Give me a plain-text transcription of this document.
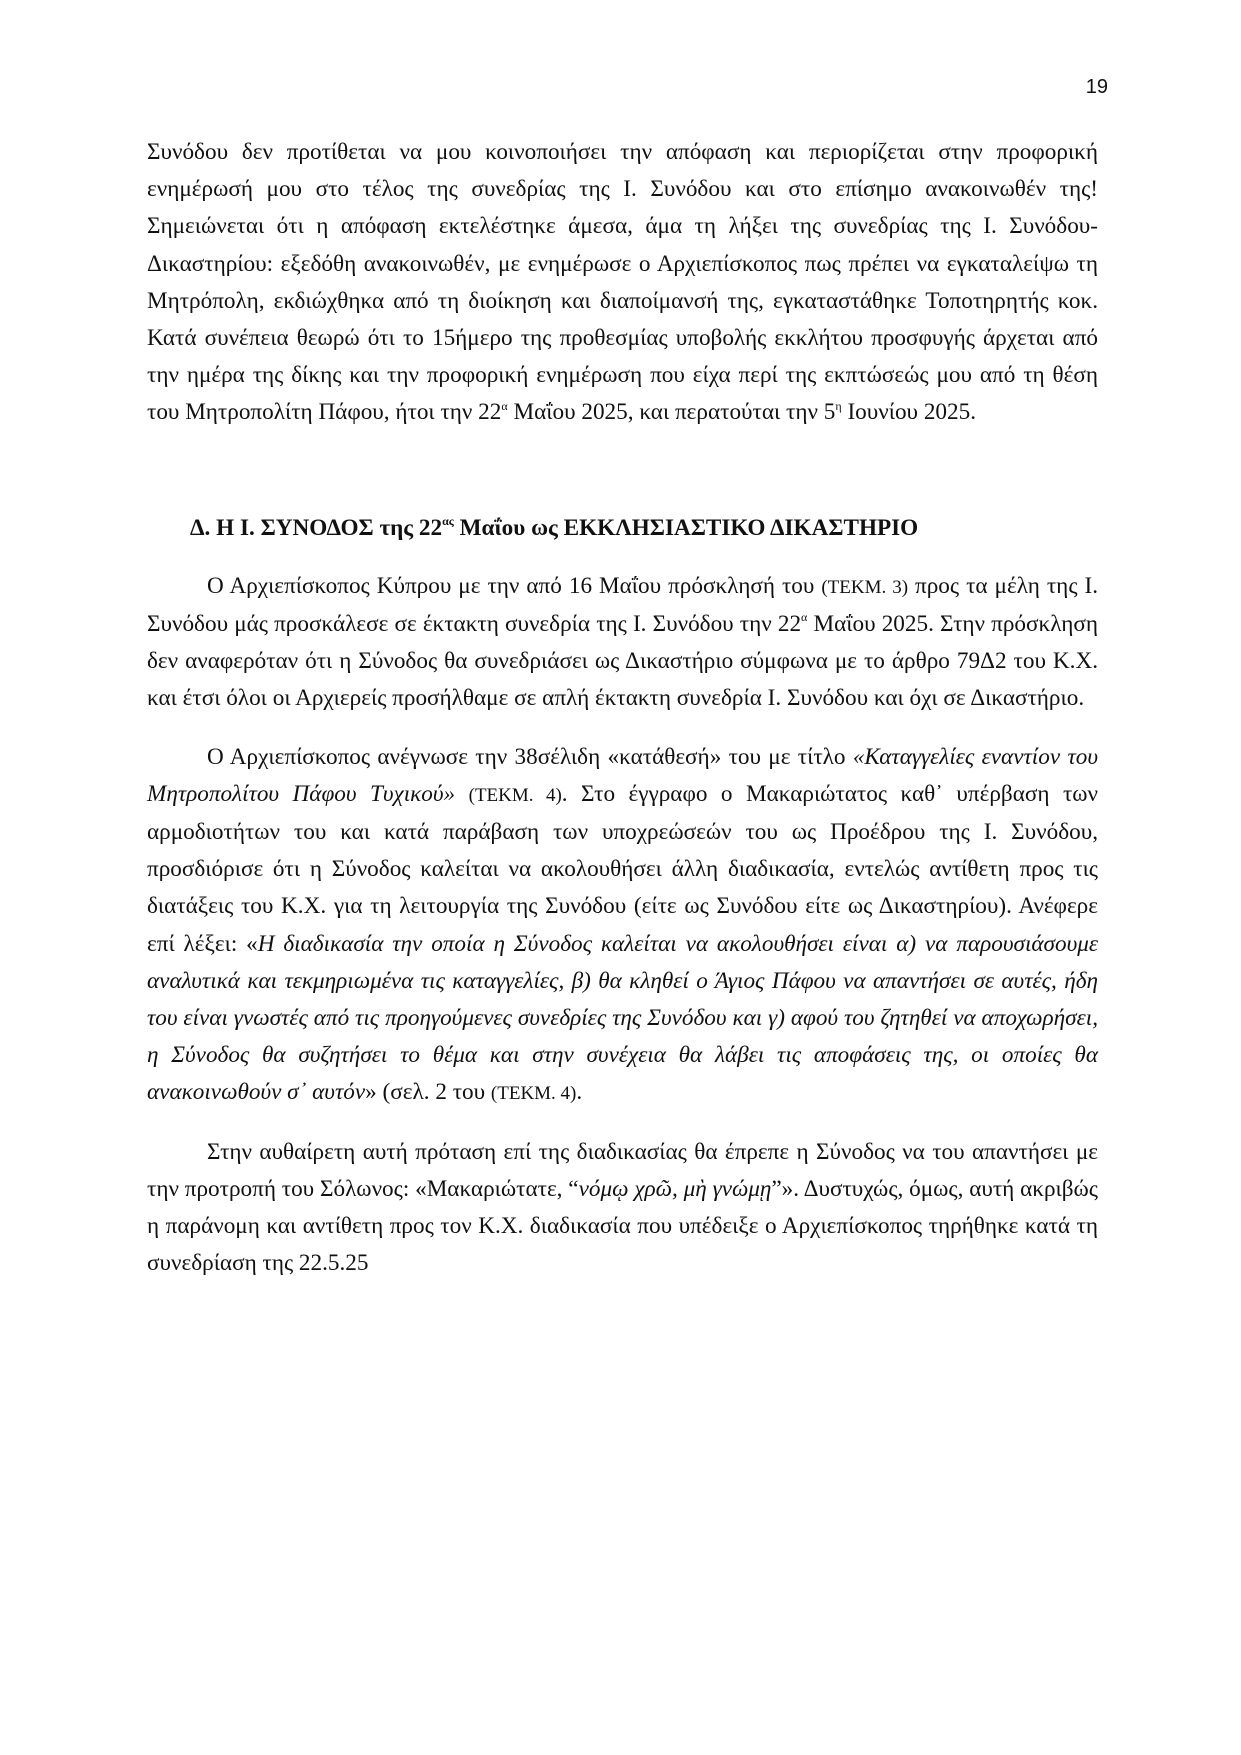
19

Συνόδου δεν προτίθεται να μου κοινοποιήσει την απόφαση και περιορίζεται στην προφορική ενημέρωσή μου στο τέλος της συνεδρίας της Ι. Συνόδου και στο επίσημο ανακοινωθέν της! Σημειώνεται ότι η απόφαση εκτελέστηκε άμεσα, άμα τη λήξει της συνεδρίας της Ι. Συνόδου-Δικαστηρίου: εξεδόθη ανακοινωθέν, με ενημέρωσε ο Αρχιεπίσκοπος πως πρέπει να εγκαταλείψω τη Μητρόπολη, εκδιώχθηκα από τη διοίκηση και διαποίμανσή της, εγκαταστάθηκε Τοποτηρητής κοκ. Κατά συνέπεια θεωρώ ότι το 15ήμερο της προθεσμίας υποβολής εκκλήτου προσφυγής άρχεται από την ημέρα της δίκης και την προφορική ενημέρωση που είχα περί της εκπτώσεώς μου από τη θέση του Μητροπολίτη Πάφου, ήτοι την $22^\alpha$ Μαΐου 2025, και περατούται την $5^\eta$ Ιουνίου 2025.

Δ. Η Ι. ΣΥΝΟΔΟΣ της $22^{\alpha\varsigma}$ Μαΐου ως ΕΚΚΛΗΣΙΑΣΤΙΚΟ ΔΙΚΑΣΤΗΡΙΟ

Ο Αρχιεπίσκοπος Κύπρου με την από 16 Μαΐου πρόσκλησή του (ΤΕΚΜ. 3) προς τα μέλη της Ι. Συνόδου μάς προσκάλεσε σε έκτακτη συνεδρία της Ι. Συνόδου την $22^\alpha$ Μαΐου 2025. Στην πρόσκληση δεν αναφερόταν ότι η Σύνοδος θα συνεδριάσει ως Δικαστήριο σύμφωνα με το άρθρο 79Δ2 του Κ.Χ. και έτσι όλοι οι Αρχιερείς προσήλθαμε σε απλή έκτακτη συνεδρία Ι. Συνόδου και όχι σε Δικαστήριο.

Ο Αρχιεπίσκοπος ανέγνωσε την 38σέλιδη «κατάθεσή» του με τίτλο «Καταγγελίες εναντίον του Μητροπολίτου Πάφου Τυχικού» (ΤΕΚΜ. 4). Στο έγγραφο ο Μακαριώτατος καθ᾽ υπέρβαση των αρμοδιοτήτων του και κατά παράβαση των υποχρεώσεών του ως Προέδρου της Ι. Συνόδου, προσδιόρισε ότι η Σύνοδος καλείται να ακολουθήσει άλλη διαδικασία, εντελώς αντίθετη προς τις διατάξεις του Κ.Χ. για τη λειτουργία της Συνόδου (είτε ως Συνόδου είτε ως Δικαστηρίου). Ανέφερε επί λέξει: «Η διαδικασία την οποία η Σύνοδος καλείται να ακολουθήσει είναι α) να παρουσιάσουμε αναλυτικά και τεκμηριωμένα τις καταγγελίες, β) θα κληθεί ο Άγιος Πάφου να απαντήσει σε αυτές, ήδη του είναι γνωστές από τις προηγούμενες συνεδρίες της Συνόδου και γ) αφού του ζητηθεί να αποχωρήσει, η Σύνοδος θα συζητήσει το θέμα και στην συνέχεια θα λάβει τις αποφάσεις της, οι οποίες θα ανακοινωθούν σ᾽ αυτόν» (σελ. 2 του (ΤΕΚΜ. 4).

Στην αυθαίρετη αυτή πρόταση επί της διαδικασίας θα έπρεπε η Σύνοδος να του απαντήσει με την προτροπή του Σόλωνος: «Μακαριώτατε, “νόμῳ χρῶ, μὴ γνώμῃ”». Δυστυχώς, όμως, αυτή ακριβώς η παράνομη και αντίθετη προς τον Κ.Χ. διαδικασία που υπέδειξε ο Αρχιεπίσκοπος τηρήθηκε κατά τη συνεδρίαση της 22.5.25
